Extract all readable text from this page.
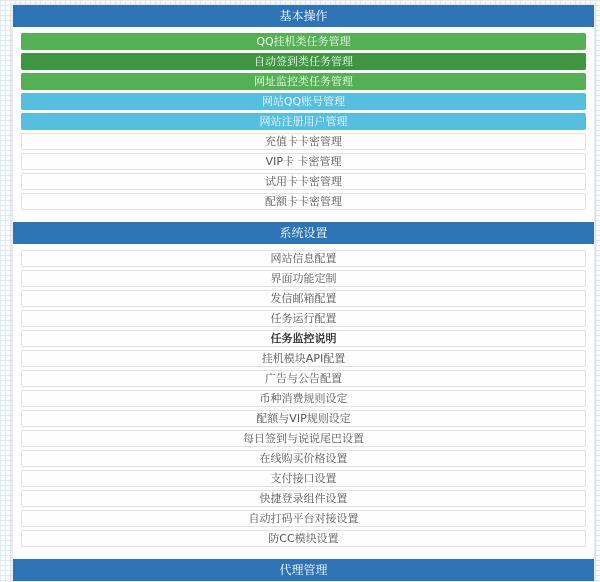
基本操作
QQ挂机类任务管理
自动签到类任务管理
网址监控类任务管理
网站QQ账号管理
网站注册用户管理
充值卡卡密管理
VIP卡 卡密管理
试用卡卡密管理
配额卡卡密管理
系统设置
网站信息配置
界面功能定制
发信邮箱配置
任务运行配置
任务监控说明
挂机模块API配置
广告与公告配置
币种消费规则设定
配额与VIP规则设定
每日签到与说说尾巴设置
在线购买价格设置
支付接口设置
快捷登录组件设置
自动打码平台对接设置
防CC模块设置
代理管理
